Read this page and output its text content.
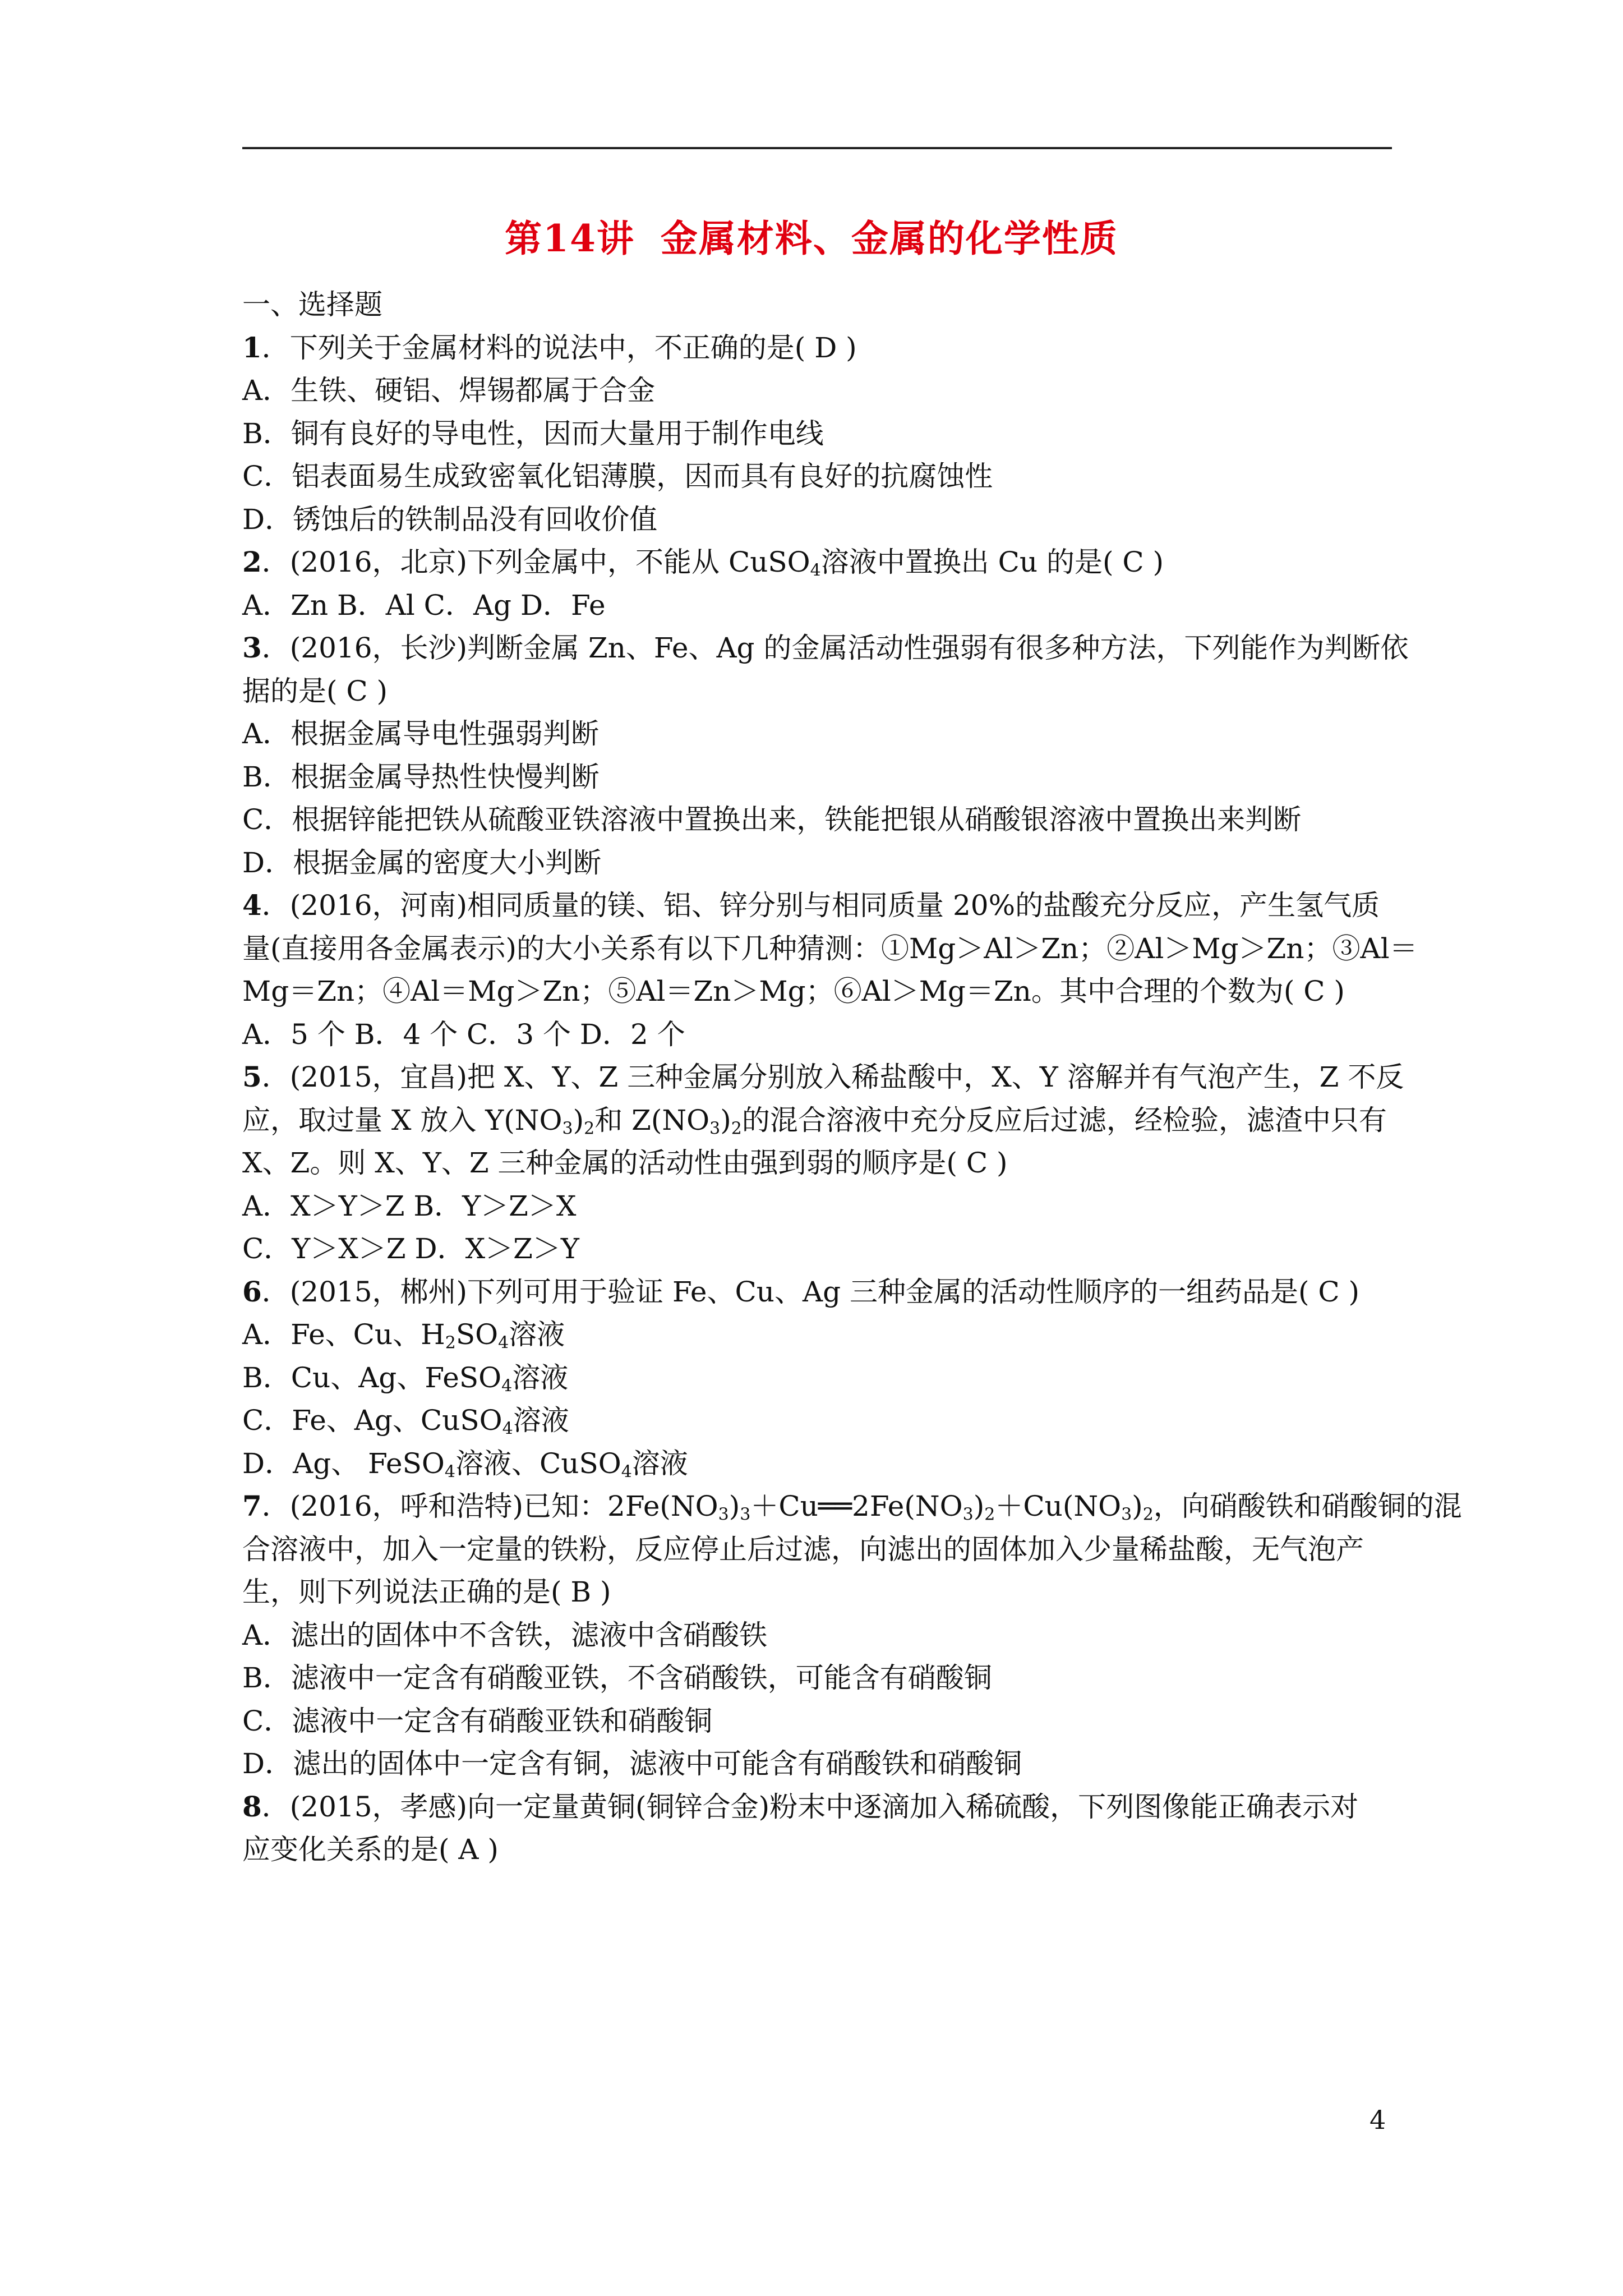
第14讲 金属材料、金属的化学性质
一、选择题
1．下列关于金属材料的说法中，不正确的是( D )
A．生铁、硬铝、焊锡都属于合金
B．铜有良好的导电性，因而大量用于制作电线
C．铝表面易生成致密氧化铝薄膜，因而具有良好的抗腐蚀性
D．锈蚀后的铁制品没有回收价值
2．(2016，北京)下列金属中，不能从 CuSO$_4$溶液中置换出 Cu 的是( C )
A．Zn B．Al C．Ag D．Fe
3．(2016，长沙)判断金属 Zn、Fe、Ag 的金属活动性强弱有很多种方法，下列能作为判断依
据的是( C )
A．根据金属导电性强弱判断
B．根据金属导热性快慢判断
C．根据锌能把铁从硫酸亚铁溶液中置换出来，铁能把银从硝酸银溶液中置换出来判断
D．根据金属的密度大小判断
4．(2016，河南)相同质量的镁、铝、锌分别与相同质量 20%的盐酸充分反应，产生氢气质
量(直接用各金属表示)的大小关系有以下几种猜测：①Mg＞Al＞Zn；②Al＞Mg＞Zn；③Al＝
Mg＝Zn；④Al＝Mg＞Zn；⑤Al＝Zn＞Mg；⑥Al＞Mg＝Zn。其中合理的个数为( C )
A．5 个 B．4 个 C．3 个 D．2 个
5．(2015，宜昌)把 X、Y、Z 三种金属分别放入稀盐酸中，X、Y 溶解并有气泡产生，Z 不反
应，取过量 X 放入 $Y(NO_3)_2$和 $Z(NO_3)_2$的混合溶液中充分反应后过滤，经检验，滤渣中只有
X、Z。则 X、Y、Z 三种金属的活动性由强到弱的顺序是( C )
A．X＞Y＞Z B．Y＞Z＞X
C．Y＞X＞Z D．X＞Z＞Y
6．(2015，郴州)下列可用于验证 Fe、Cu、Ag 三种金属的活动性顺序的一组药品是( C )
A．Fe、Cu、$H_2SO_4$溶液
B．Cu、Ag、FeSO$_4$溶液
C．Fe、Ag、CuSO$_4$溶液
D．Ag、 FeSO$_4$溶液、CuSO$_4$溶液
7．(2016，呼和浩特)已知：$2Fe(NO_3)_3+Cu══2Fe(NO_3)_2+Cu(NO_3)_2$，向硝酸铁和硝酸铜的混
合溶液中，加入一定量的铁粉，反应停止后过滤，向滤出的固体加入少量稀盐酸，无气泡产
生，则下列说法正确的是( B )
A．滤出的固体中不含铁，滤液中含硝酸铁
B．滤液中一定含有硝酸亚铁，不含硝酸铁，可能含有硝酸铜
C．滤液中一定含有硝酸亚铁和硝酸铜
D．滤出的固体中一定含有铜，滤液中可能含有硝酸铁和硝酸铜
8．(2015，孝感)向一定量黄铜(铜锌合金)粉末中逐滴加入稀硫酸，下列图像能正确表示对
应变化关系的是( A )
4
